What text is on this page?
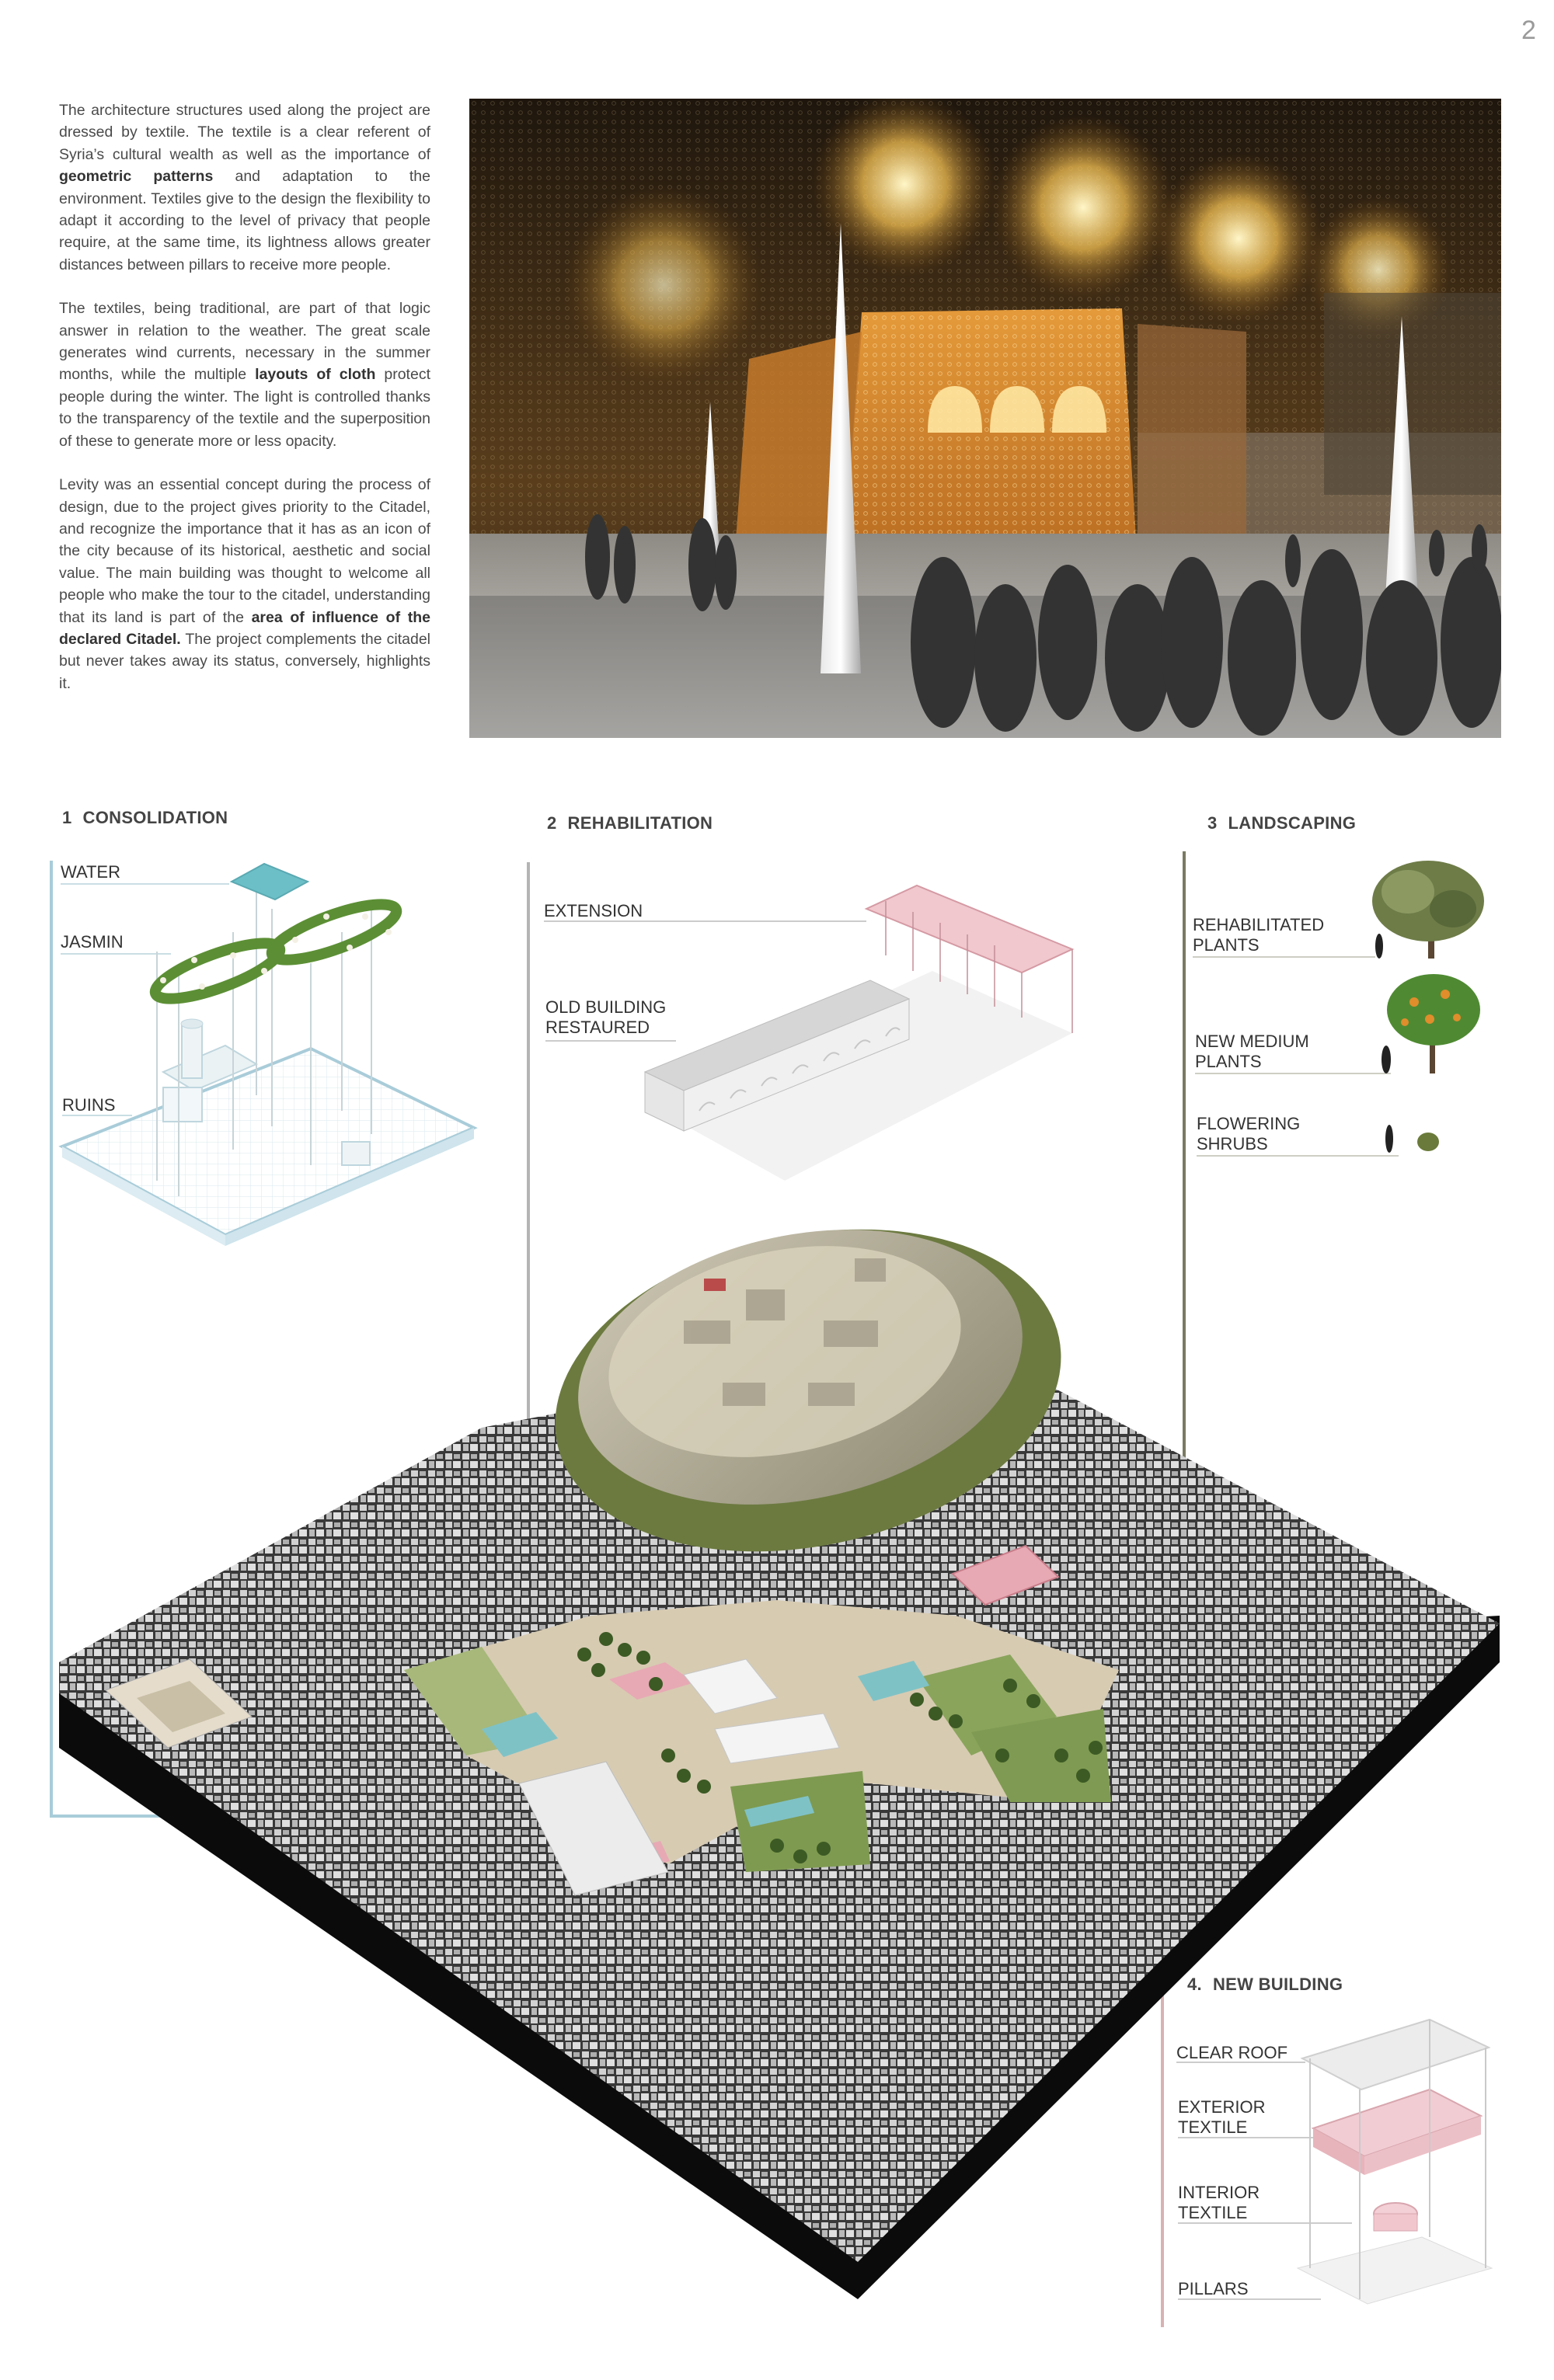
2

The architecture structures used along the project are dressed by textile. The textile is a clear referent of Syria’s cultural wealth as well as the importance of geometric patterns and adaptation to the environment. Textiles give to the design the flexibility to adapt it according to the level of privacy that people require, at the same time, its lightness allows greater distances between pillars to receive more people.

The textiles, being traditional, are part of that logic answer in relation to the weather. The great scale generates wind currents, necessary in the summer months, while the multiple layouts of cloth protect people during the winter. The light is controlled thanks to the transparency of the textile and the superposition of these to generate more or less opacity.

Levity was an essential concept during the process of design, due to the project gives priority to the Citadel, and recognize the importance that it has as an icon of the city because of its historical, aesthetic and social value. The main building was thought to welcome all people who make the tour to the citadel, understanding that its land is part of the area of influence of the declared Citadel. The project complements the citadel but never takes away its status, conversely, highlights it.

1 CONSOLIDATION
WATER
JASMIN
RUINS
2 REHABILITATION
EXTENSION
OLD BUILDING
RESTAURED
3 LANDSCAPING
REHABILITATED
PLANTS
NEW MEDIUM
PLANTS
FLOWERING
SHRUBS
4. NEW BUILDING
CLEAR ROOF
EXTERIOR
TEXTILE
INTERIOR
TEXTILE
PILLARS
